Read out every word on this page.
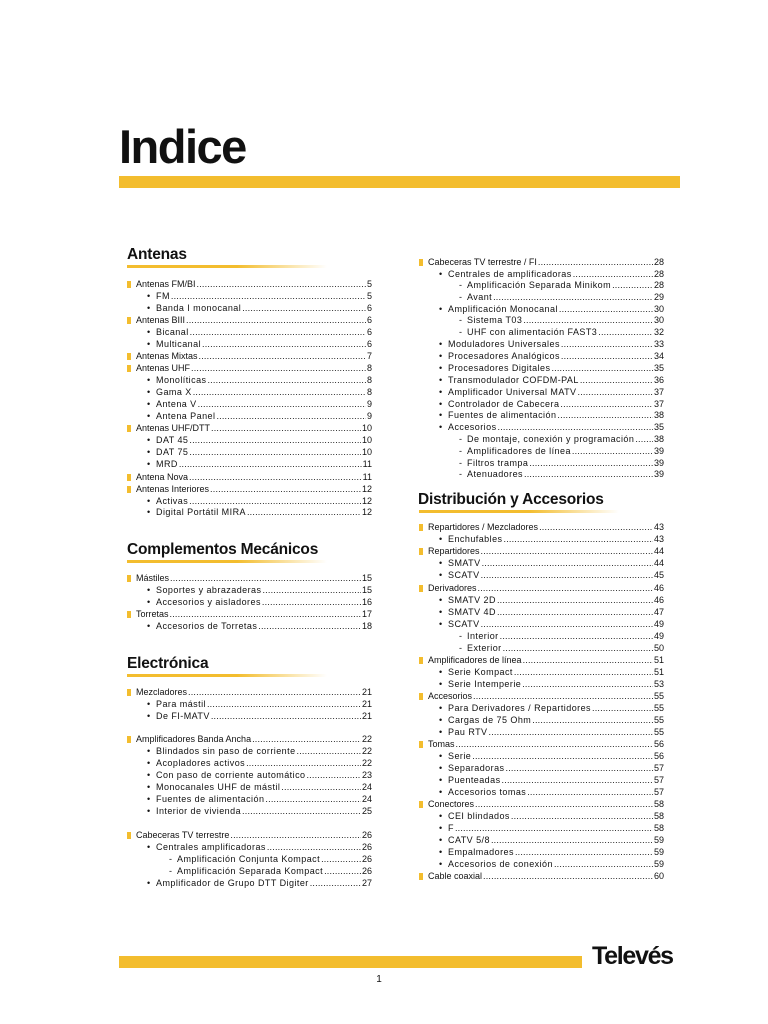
Indice
Antenas
Antenas FM/BI .....	5
• FM .....	5
• Banda I monocanal .....	6
Antenas BIII .....	6
• Bicanal .....	6
• Multicanal .....	6
Antenas Mixtas .....	7
Antenas UHF .....	8
• Monolíticas .....	8
• Gama X .....	8
• Antena V .....	9
• Antena Panel .....	9
Antenas UHF/DTT .....	10
• DAT 45 .....	10
• DAT 75 .....	10
• MRD .....	11
Antena Nova .....	11
Antenas Interiores .....	12
• Activas .....	12
• Digital Portátil MIRA .....	12
Complementos Mecánicos
Mástiles .....	15
• Soportes y abrazaderas .....	15
• Accesorios y aisladores .....	16
Torretas .....	17
• Accesorios de Torretas .....	18
Electrónica
Mezcladores .....	21
• Para mástil .....	21
• De FI-MATV .....	21
Amplificadores Banda Ancha .....	22
• Blindados sin paso de corriente .....	22
• Acopladores activos .....	22
• Con paso de corriente automático .....	23
• Monocanales UHF de mástil .....	24
• Fuentes de alimentación .....	24
• Interior de vivienda .....	25
Cabeceras TV terrestre .....	26
• Centrales amplificadoras .....	26
- Amplificación Conjunta Kompact .....	26
- Amplificación Separada Kompact .....	26
• Amplificador de Grupo DTT Digiter .....	27
Cabeceras TV terrestre / FI .....	28
• Centrales de amplificadoras .....	28
- Amplificación Separada Minikom .....	28
- Avant .....	29
• Amplificación Monocanal .....	30
- Sistema T03 .....	30
- UHF con alimentación FAST3 .....	32
• Moduladores Universales .....	33
• Procesadores Analógicos .....	34
• Procesadores Digitales .....	35
• Transmodulador COFDM-PAL .....	36
• Amplificador Universal MATV .....	37
• Controlador de Cabecera .....	37
• Fuentes de alimentación .....	38
• Accesorios .....	35
- De montaje, conexión y programación ..... 38
- Amplificadores de línea .....	39
- Filtros trampa .....	39
- Atenuadores .....	39
Distribución y Accesorios
Repartidores / Mezcladores .....	43
• Enchufables .....	43
Repartidores .....	44
• SMATV .....	44
• SCATV .....	45
Derivadores .....	46
• SMATV 2D .....	46
• SMATV 4D .....	47
• SCATV .....	49
- Interior .....	49
- Exterior .....	50
Amplificadores de línea .....	51
• Serie Kompact .....	51
• Serie Intemperie .....	53
Accesorios .....	55
• Para Derivadores / Repartidores .....	55
• Cargas de 75 Ohm .....	55
• Pau RTV .....	55
Tomas .....	56
• Serie .....	56
• Separadoras .....	57
• Puenteadas .....	57
• Accesorios tomas .....	57
Conectores .....	58
• CEI blindados .....	58
• F .....	58
• CATV 5/8 .....	59
• Empalmadores .....	59
• Accesorios de conexión .....	59
Cable coaxial .....	60
Televés
1
